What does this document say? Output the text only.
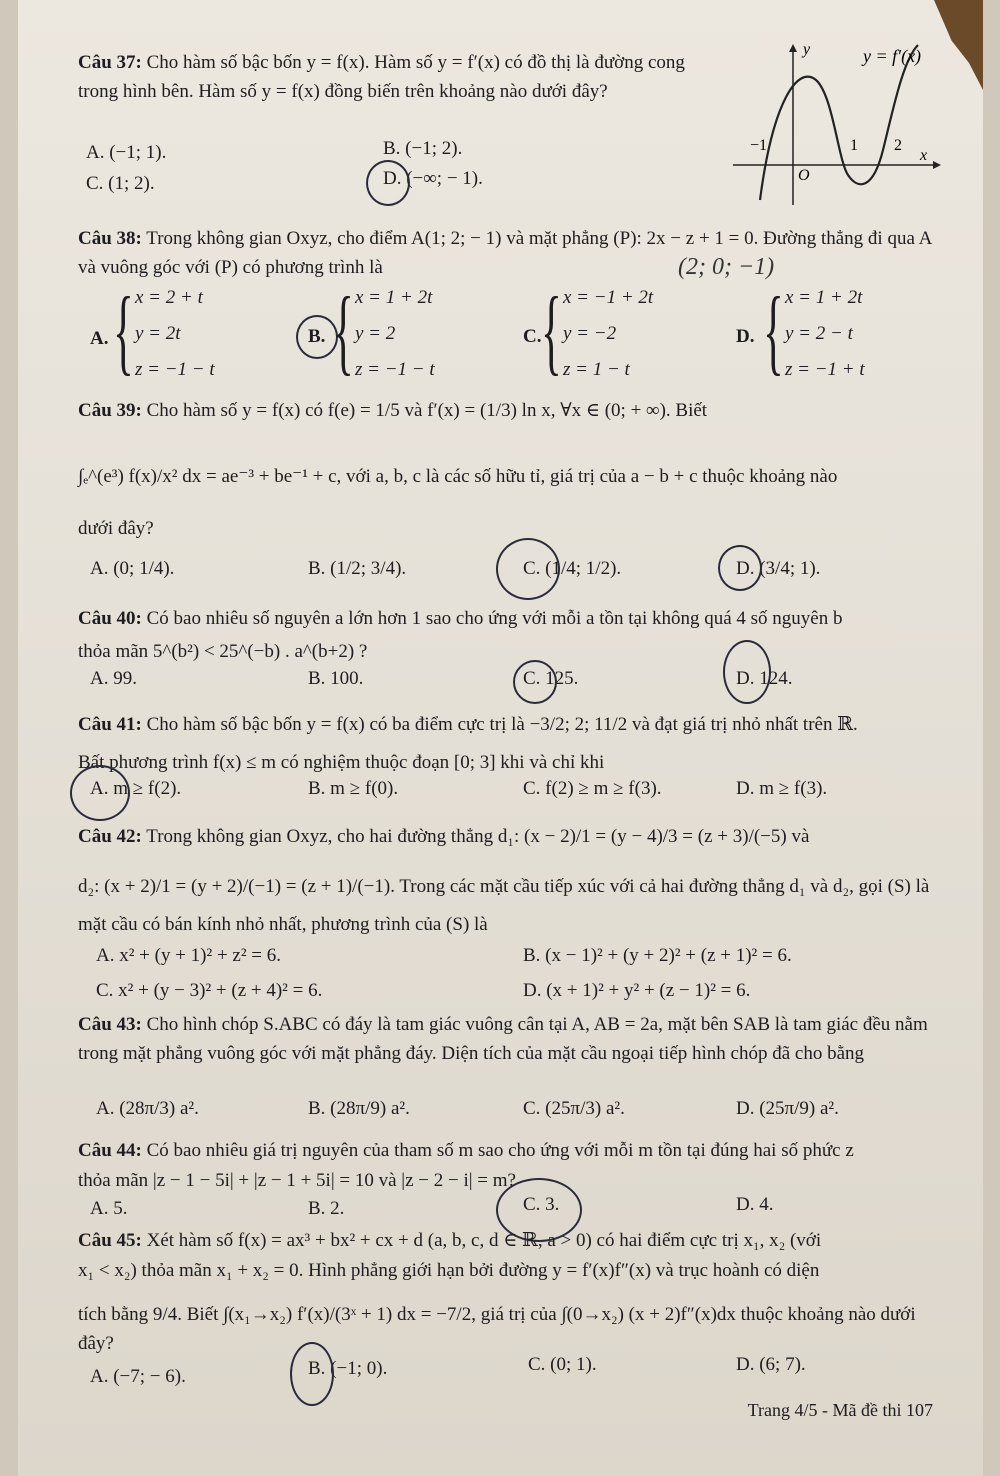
Câu 37: Cho hàm số bậc bốn y = f(x). Hàm số y = f′(x) có đồ thị là đường cong trong hình bên. Hàm số y = f(x) đồng biến trên khoảng nào dưới đây?
A. (−1; 1).	B. (−1; 2).
C. (1; 2).	D. (−∞; − 1).
y = f′(x)
y
x
−1	1 2
O
Câu 38: Trong không gian Oxyz, cho điểm A(1; 2; − 1) và mặt phẳng (P): 2x − z + 1 = 0. Đường thẳng đi qua A và vuông góc với (P) có phương trình là	(2; 0; −1)
A. { x = 2 + t
y = 2t
z = −1 − t
B. { x = 1 + 2t
y = 2
z = −1 − t
C. { x = −1 + 2t
y = −2
z = 1 − t
D. { x = 1 + 2t
y = 2 − t
z = −1 + t
Câu 39: Cho hàm số y = f(x) có f(e) = 1/5 và f′(x) = (1/3) ln x, ∀x ∈ (0; + ∞). Biết
∫ₑ^(e³) f(x)/x² dx = ae⁻³ + be⁻¹ + c, với a, b, c là các số hữu tỉ, giá trị của a − b + c thuộc khoảng nào
dưới đây?
A. (0; 1/4).	B. (1/2; 3/4).	C. (1/4; 1/2).	D. (3/4; 1).
Câu 40: Có bao nhiêu số nguyên a lớn hơn 1 sao cho ứng với mỗi a tồn tại không quá 4 số nguyên b
thỏa mãn 5^(b²) < 25^(−b) . a^(b+2) ?
A. 99.	B. 100.	C. 125.	D. 124.
Câu 41: Cho hàm số bậc bốn y = f(x) có ba điểm cực trị là −3/2; 2; 11/2 và đạt giá trị nhỏ nhất trên ℝ.
Bất phương trình f(x) ≤ m có nghiệm thuộc đoạn [0; 3] khi và chỉ khi
A. m ≥ f(2).	B. m ≥ f(0).	C. f(2) ≥ m ≥ f(3).	D. m ≥ f(3).
Câu 42: Trong không gian Oxyz, cho hai đường thẳng d₁: (x − 2)/1 = (y − 4)/3 = (z + 3)/(−5) và
d₂: (x + 2)/1 = (y + 2)/(−1) = (z + 1)/(−1). Trong các mặt cầu tiếp xúc với cả hai đường thẳng d₁ và d₂, gọi (S) là
mặt cầu có bán kính nhỏ nhất, phương trình của (S) là
A. x² + (y + 1)² + z² = 6.	B. (x − 1)² + (y + 2)² + (z + 1)² = 6.
C. x² + (y − 3)² + (z + 4)² = 6.	D. (x + 1)² + y² + (z − 1)² = 6.
Câu 43: Cho hình chóp S.ABC có đáy là tam giác vuông cân tại A, AB = 2a, mặt bên SAB là tam giác đều nằm trong mặt phẳng vuông góc với mặt phẳng đáy. Diện tích của mặt cầu ngoại tiếp hình chóp đã cho bằng
A. (28π/3) a².	B. (28π/9) a².	C. (25π/3) a².	D. (25π/9) a².
Câu 44: Có bao nhiêu giá trị nguyên của tham số m sao cho ứng với mỗi m tồn tại đúng hai số phức z
thỏa mãn |z − 1 − 5i| + |z − 1 + 5i| = 10 và |z − 2 − i| = m?
A. 5.	B. 2.	C. 3.	D. 4.
Câu 45: Xét hàm số f(x) = ax³ + bx² + cx + d (a, b, c, d ∈ ℝ, a > 0) có hai điểm cực trị x₁, x₂ (với
x₁ < x₂) thỏa mãn x₁ + x₂ = 0. Hình phẳng giới hạn bởi đường y = f′(x)f″(x) và trục hoành có diện
tích bằng 9/4. Biết ∫(x₁→x₂) f′(x)/(3ˣ + 1) dx = −7/2, giá trị của ∫(0→x₂) (x + 2)f″(x)dx thuộc khoảng nào dưới đây?
A. (−7; − 6).	B. (−1; 0).	C. (0; 1).	D. (6; 7).
Trang 4/5 - Mã đề thi 107
